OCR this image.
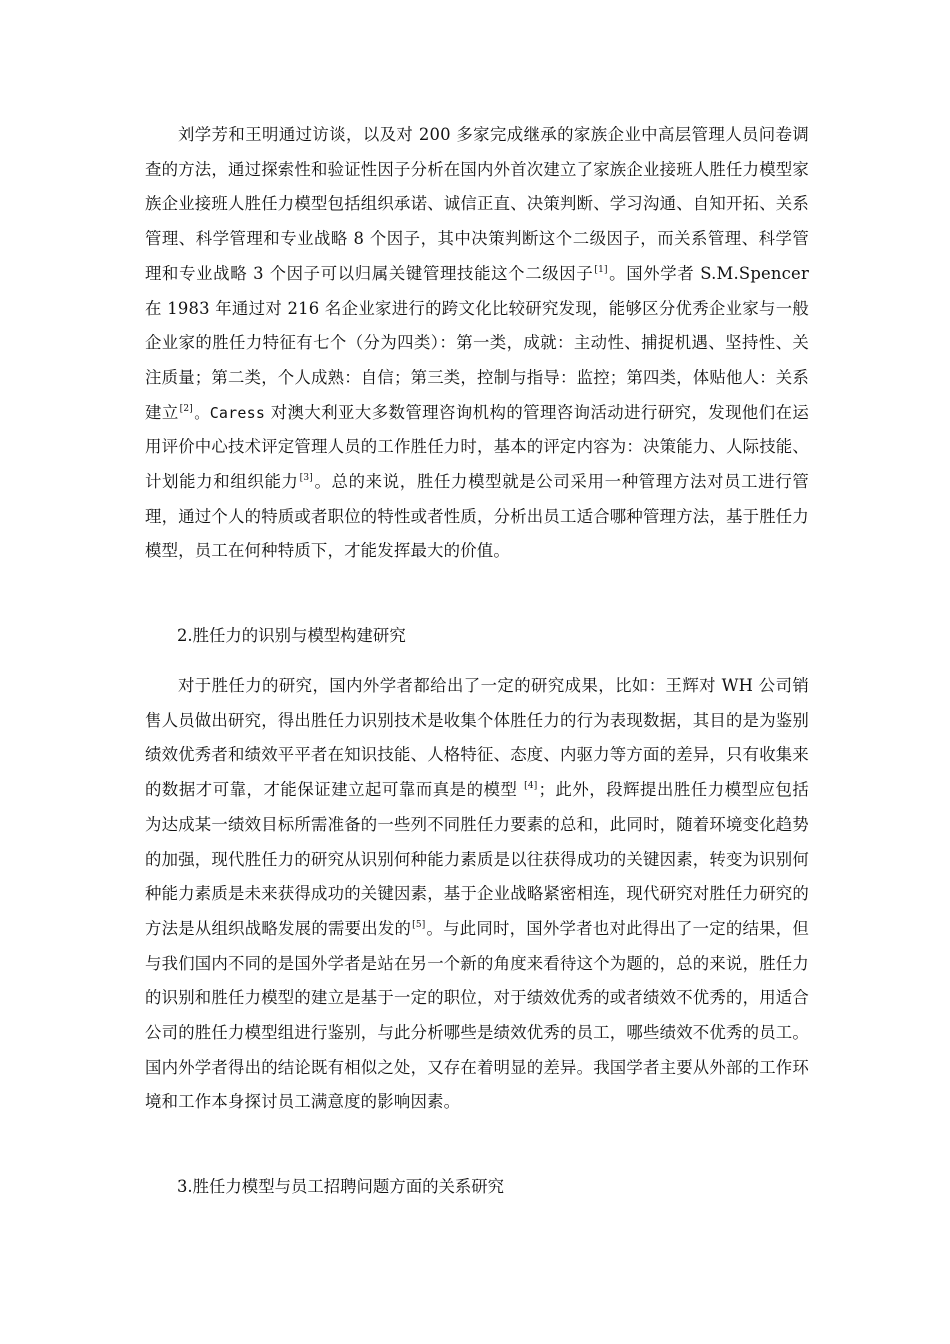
刘学芳和王明通过访谈，以及对 200 多家完成继承的家族企业中高层管理人员问卷调查的方法，通过探索性和验证性因子分析在国内外首次建立了家族企业接班人胜任力模型家族企业接班人胜任力模型包括组织承诺、诚信正直、决策判断、学习沟通、自知开拓、关系管理、科学管理和专业战略 8 个因子，其中决策判断这个二级因子，而关系管理、科学管理和专业战略 3 个因子可以归属关键管理技能这个二级因子[1]。国外学者 S.M.Spencer 在 1983 年通过对 216 名企业家进行的跨文化比较研究发现，能够区分优秀企业家与一般企业家的胜任力特征有七个（分为四类）：第一类，成就：主动性、捕捉机遇、坚持性、关注质量；第二类，个人成熟：自信；第三类，控制与指导：监控；第四类，体贴他人：关系建立[2]。Caress 对澳大利亚大多数管理咨询机构的管理咨询活动进行研究，发现他们在运用评价中心技术评定管理人员的工作胜任力时，基本的评定内容为：决策能力、人际技能、计划能力和组织能力[3]。总的来说，胜任力模型就是公司采用一种管理方法对员工进行管理，通过个人的特质或者职位的特性或者性质，分析出员工适合哪种管理方法，基于胜任力模型，员工在何种特质下，才能发挥最大的价值。

2.胜任力的识别与模型构建研究

对于胜任力的研究，国内外学者都给出了一定的研究成果，比如：王辉对 WH 公司销售人员做出研究，得出胜任力识别技术是收集个体胜任力的行为表现数据，其目的是为鉴别绩效优秀者和绩效平平者在知识技能、人格特征、态度、内驱力等方面的差异，只有收集来的数据才可靠，才能保证建立起可靠而真是的模型 [4]；此外，段辉提出胜任力模型应包括为达成某一绩效目标所需准备的一些列不同胜任力要素的总和，此同时，随着环境变化趋势的加强，现代胜任力的研究从识别何种能力素质是以往获得成功的关键因素，转变为识别何种能力素质是未来获得成功的关键因素，基于企业战略紧密相连，现代研究对胜任力研究的方法是从组织战略发展的需要出发的[5]。与此同时，国外学者也对此得出了一定的结果，但与我们国内不同的是国外学者是站在另一个新的角度来看待这个为题的，总的来说，胜任力的识别和胜任力模型的建立是基于一定的职位，对于绩效优秀的或者绩效不优秀的，用适合公司的胜任力模型组进行鉴别，与此分析哪些是绩效优秀的员工，哪些绩效不优秀的员工。国内外学者得出的结论既有相似之处，又存在着明显的差异。我国学者主要从外部的工作环境和工作本身探讨员工满意度的影响因素。

3.胜任力模型与员工招聘问题方面的关系研究
